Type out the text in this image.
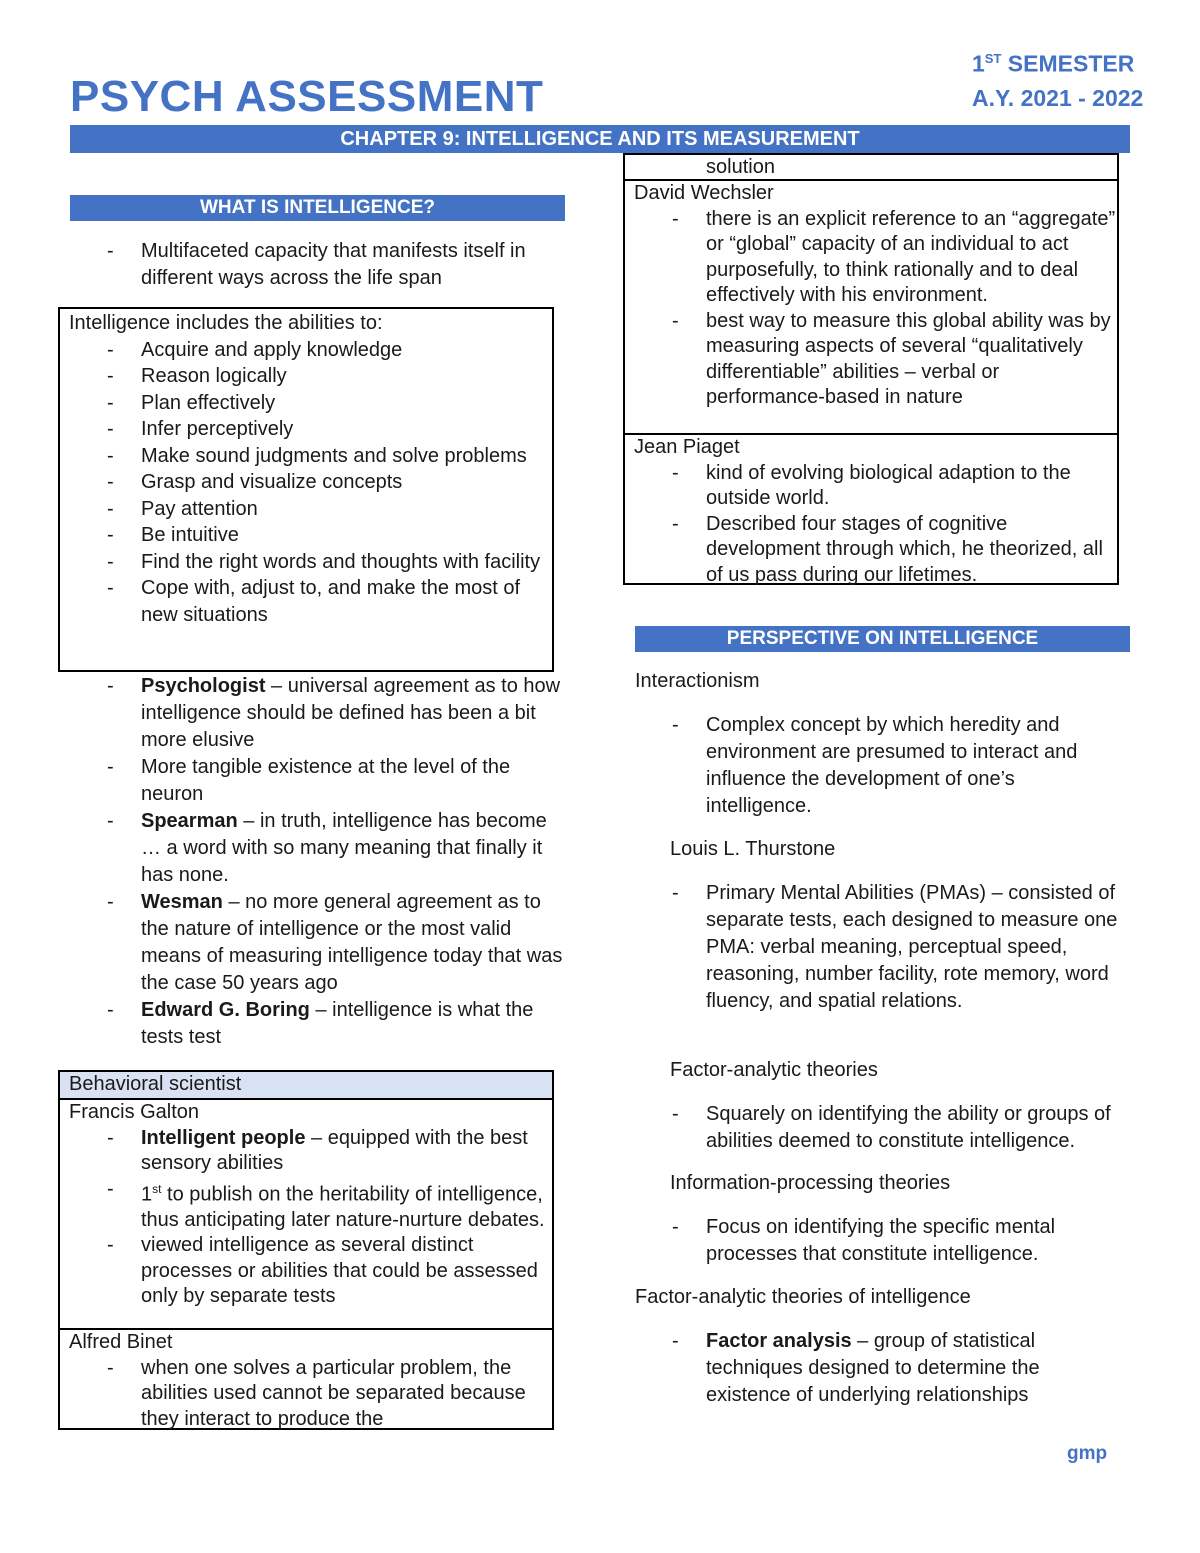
PSYCH ASSESSMENT
1ST SEMESTER
A.Y. 2021 - 2022
CHAPTER 9: INTELLIGENCE AND ITS MEASUREMENT
WHAT IS INTELLIGENCE?
- Multifaceted capacity that manifests itself in different ways across the life span
Intelligence includes the abilities to:
- Acquire and apply knowledge
- Reason logically
- Plan effectively
- Infer perceptively
- Make sound judgments and solve problems
- Grasp and visualize concepts
- Pay attention
- Be intuitive
- Find the right words and thoughts with facility
- Cope with, adjust to, and make the most of new situations
- Psychologist – universal agreement as to how intelligence should be defined has been a bit more elusive
- More tangible existence at the level of the neuron
- Spearman – in truth, intelligence has become … a word with so many meaning that finally it has none.
- Wesman – no more general agreement as to the nature of intelligence or the most valid means of measuring intelligence today that was the case 50 years ago
- Edward G. Boring – intelligence is what the tests test
Behavioral scientist
Francis Galton
- Intelligent people – equipped with the best sensory abilities
- 1st to publish on the heritability of intelligence, thus anticipating later nature-nurture debates.
- viewed intelligence as several distinct processes or abilities that could be assessed only by separate tests
Alfred Binet
- when one solves a particular problem, the abilities used cannot be separated because they interact to produce the
solution
David Wechsler
- there is an explicit reference to an “aggregate” or “global” capacity of an individual to act purposefully, to think rationally and to deal effectively with his environment.
- best way to measure this global ability was by measuring aspects of several “qualitatively differentiable” abilities – verbal or performance-based in nature
Jean Piaget
- kind of evolving biological adaption to the outside world.
- Described four stages of cognitive development through which, he theorized, all of us pass during our lifetimes.
PERSPECTIVE ON INTELLIGENCE
Interactionism
- Complex concept by which heredity and environment are presumed to interact and influence the development of one’s intelligence.
Louis L. Thurstone
- Primary Mental Abilities (PMAs) – consisted of separate tests, each designed to measure one PMA: verbal meaning, perceptual speed, reasoning, number facility, rote memory, word fluency, and spatial relations.
Factor-analytic theories
- Squarely on identifying the ability or groups of abilities deemed to constitute intelligence.
Information-processing theories
- Focus on identifying the specific mental processes that constitute intelligence.
Factor-analytic theories of intelligence
- Factor analysis – group of statistical techniques designed to determine the existence of underlying relationships
gmp
